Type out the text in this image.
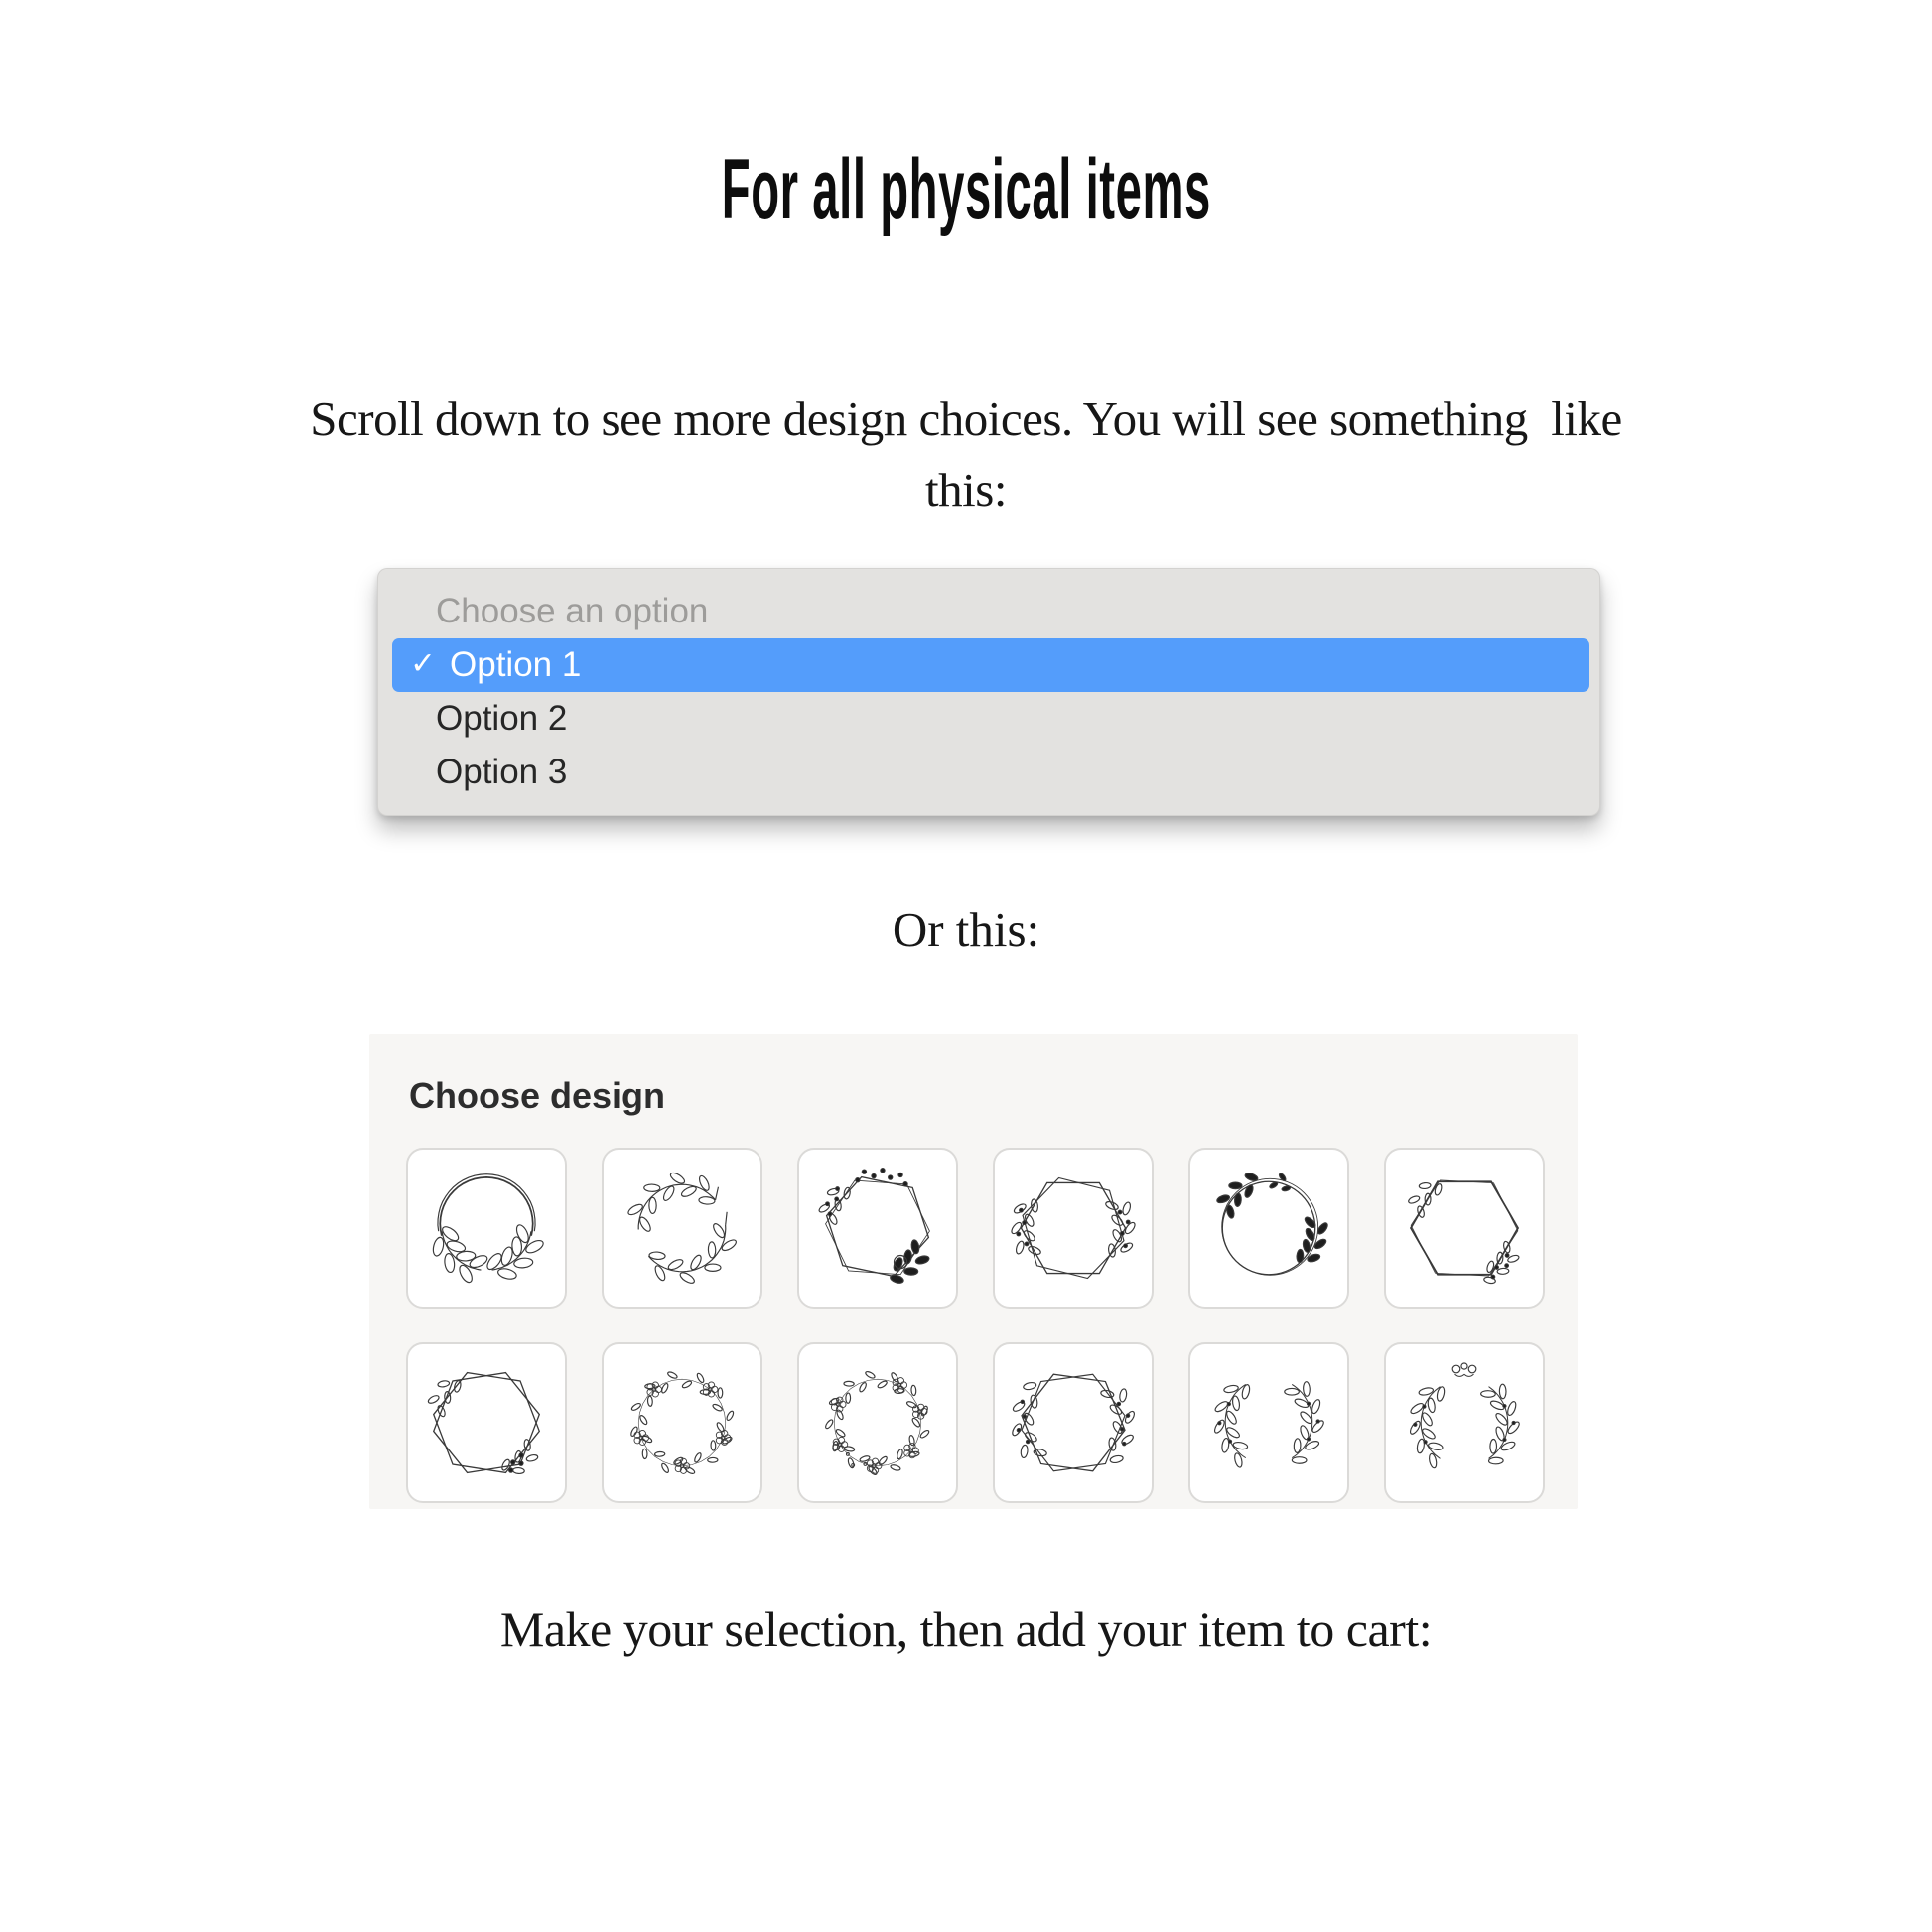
For all physical items

Scroll down to see more design choices. You will see something  like
this:

Choose an option
✓ Option 1
Option 2
Option 3

Or this:

Choose design

Make your selection, then add your item to cart:
